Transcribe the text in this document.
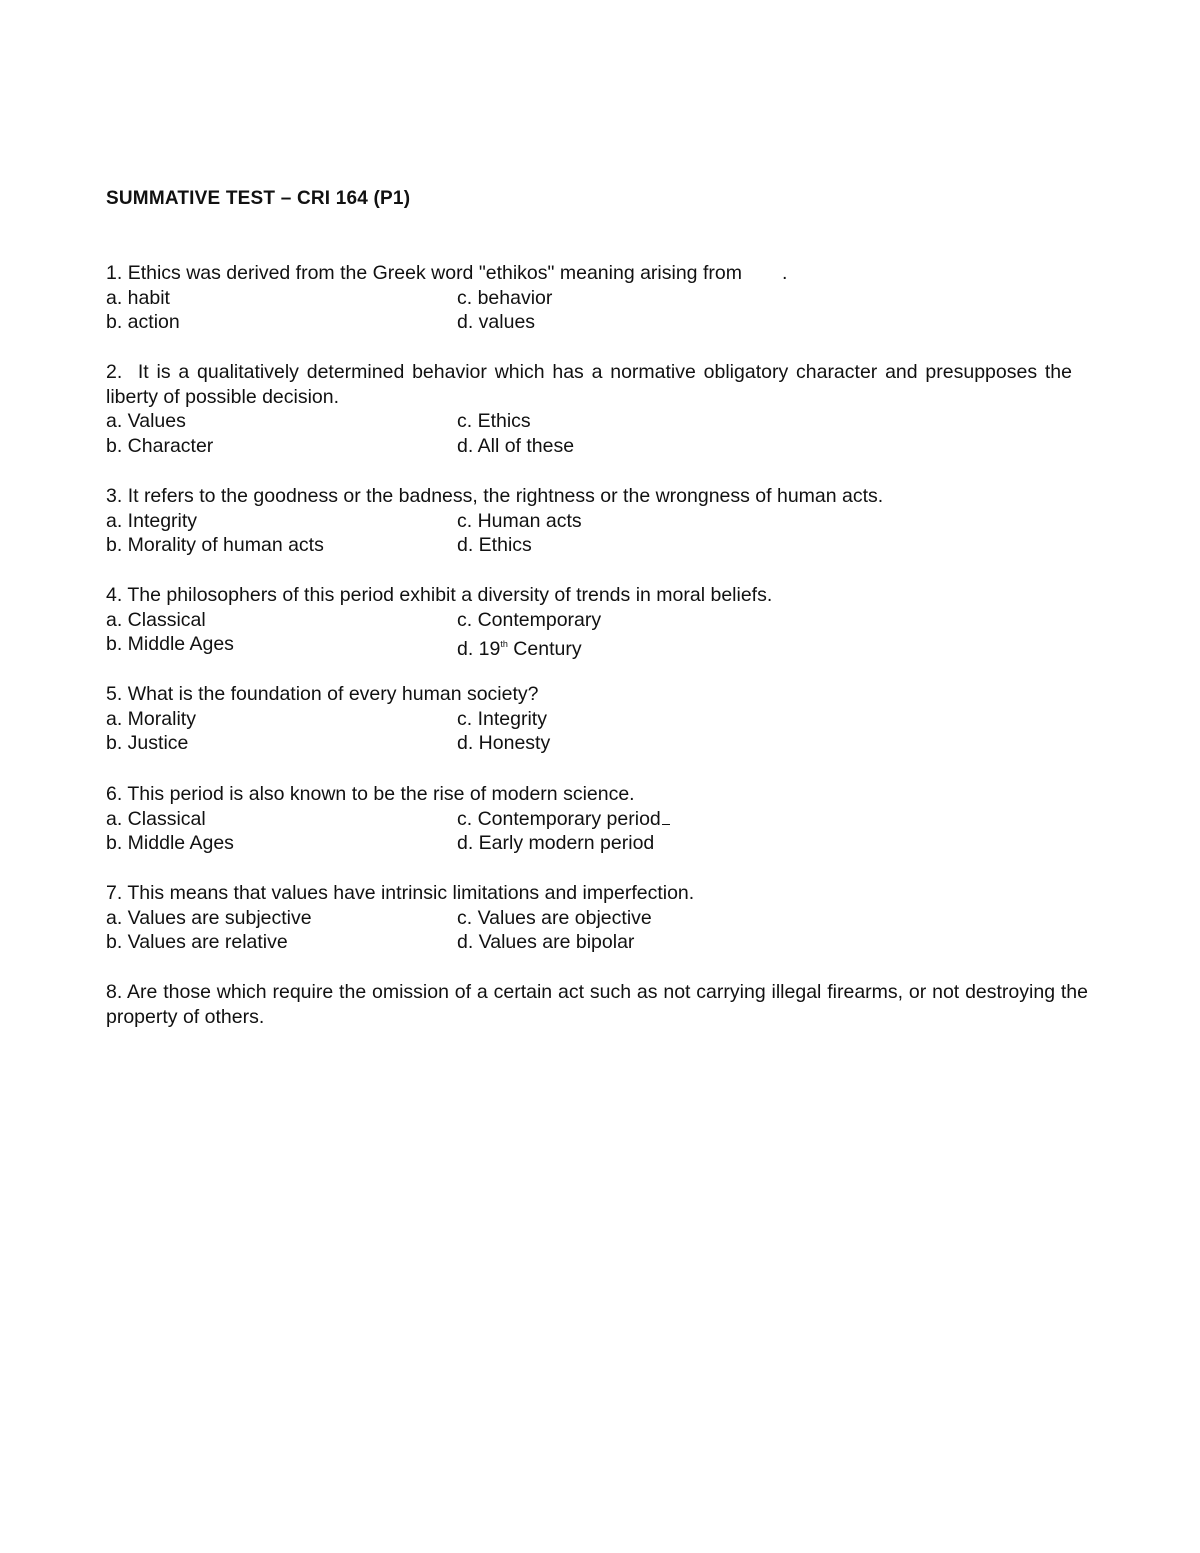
SUMMATIVE TEST – CRI 164 (P1)
1. Ethics was derived from the Greek word "ethikos" meaning arising from .
a. habit	c. behavior
b. action	d. values
2. It is a qualitatively determined behavior which has a normative obligatory character and presupposes the liberty of possible decision.
a. Values	c. Ethics
b. Character	d. All of these
3. It refers to the goodness or the badness, the rightness or the wrongness of human acts.
a. Integrity	c. Human acts
b. Morality of human acts	d. Ethics
4. The philosophers of this period exhibit a diversity of trends in moral beliefs.
a. Classical	c. Contemporary
b. Middle Ages	d. 19th Century
5. What is the foundation of every human society?
a. Morality	c. Integrity
b. Justice	d. Honesty
6. This period is also known to be the rise of modern science.
a. Classical	c. Contemporary period
b. Middle Ages	d. Early modern period
7. This means that values have intrinsic limitations and imperfection.
a. Values are subjective	c. Values are objective
b. Values are relative	d. Values are bipolar
8. Are those which require the omission of a certain act such as not carrying illegal firearms, or not destroying the property of others.
